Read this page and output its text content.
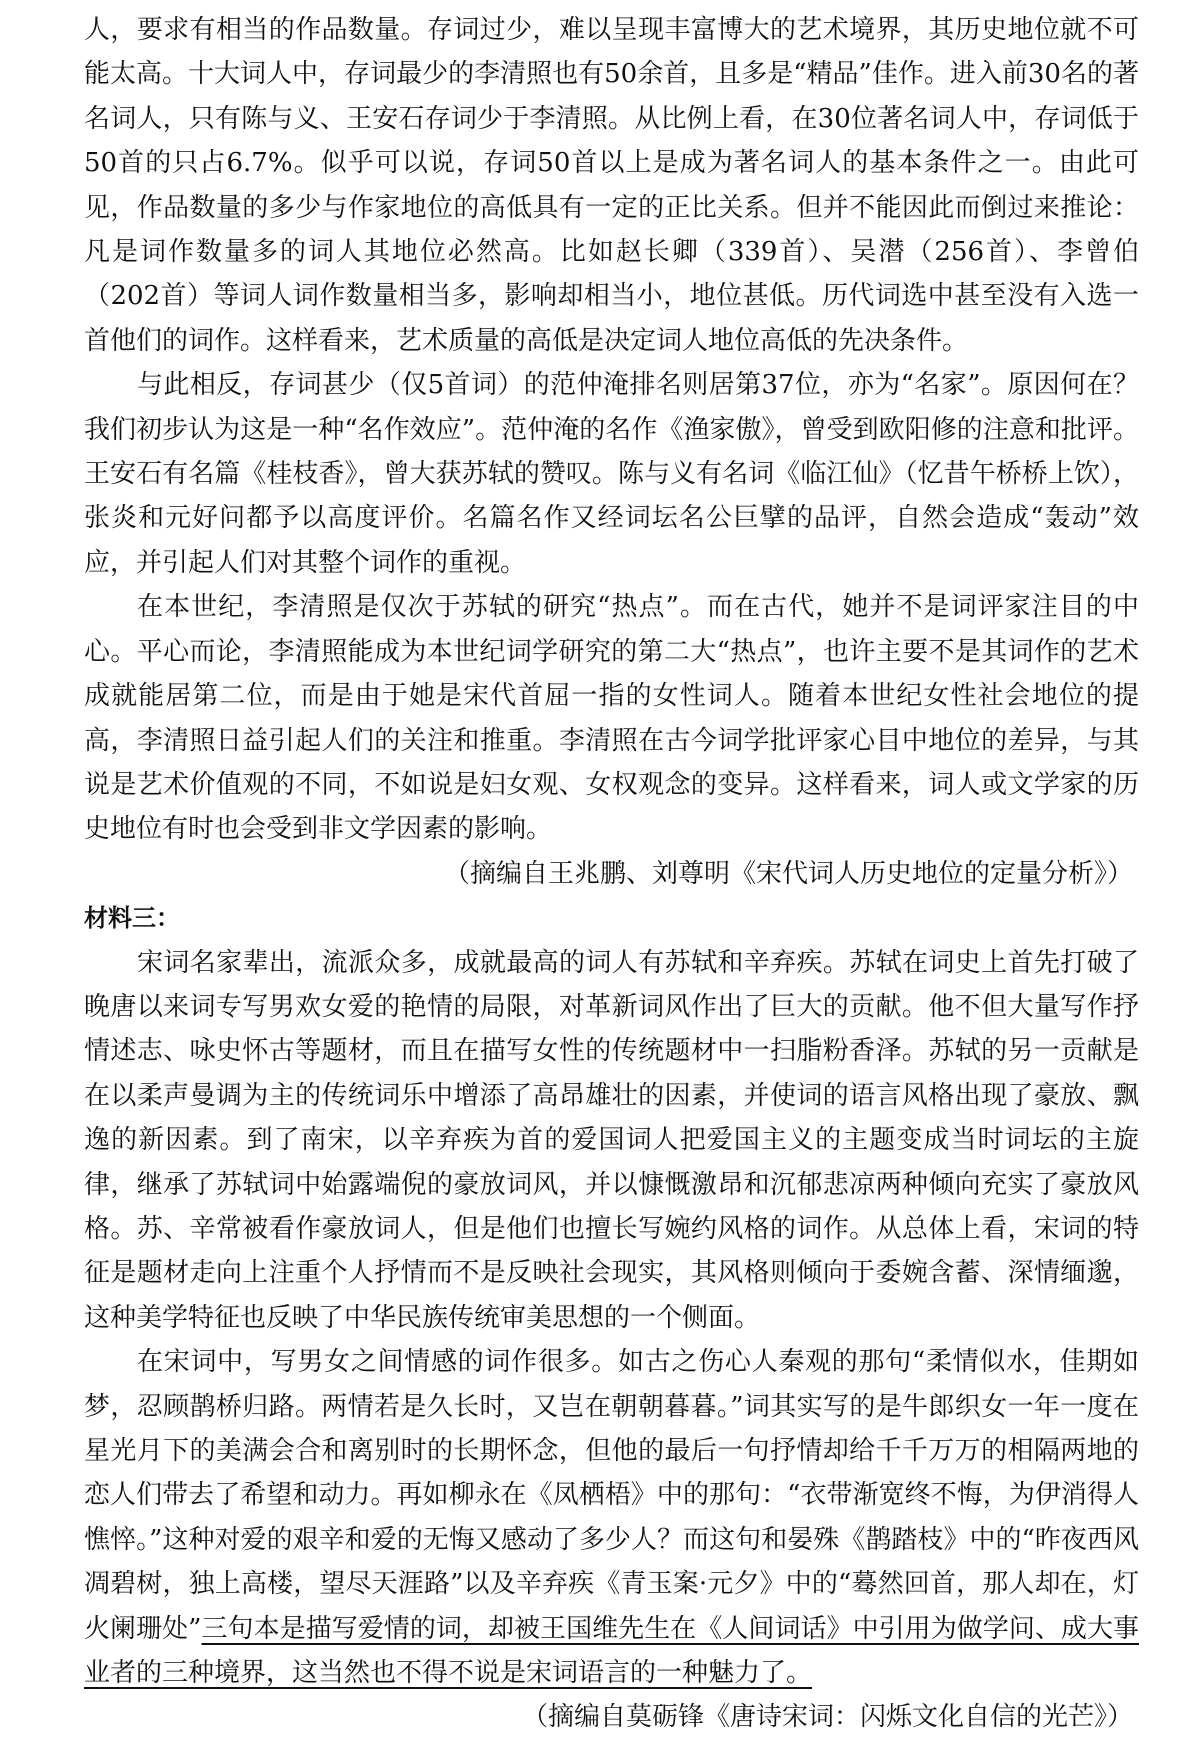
人，要求有相当的作品数量。存词过少，难以呈现丰富博大的艺术境界，其历史地位就不可能太高。十大词人中，存词最少的李清照也有50余首，且多是“精品”佳作。进入前30名的著名词人，只有陈与义、王安石存词少于李清照。从比例上看，在30位著名词人中，存词低于50首的只占6.7%。似乎可以说，存词50首以上是成为著名词人的基本条件之一。由此可见，作品数量的多少与作家地位的高低具有一定的正比关系。但并不能因此而倒过来推论：凡是词作数量多的词人其地位必然高。比如赵长卿（339首）、吴潜（256首）、李曾伯（202首）等词人词作数量相当多，影响却相当小，地位甚低。历代词选中甚至没有入选一首他们的词作。这样看来，艺术质量的高低是决定词人地位高低的先决条件。

与此相反，存词甚少（仅5首词）的范仲淹排名则居第37位，亦为“名家”。原因何在？我们初步认为这是一种“名作效应”。范仲淹的名作《渔家傲》，曾受到欧阳修的注意和批评。王安石有名篇《桂枝香》，曾大获苏轼的赞叹。陈与义有名词《临江仙》（忆昔午桥桥上饮），张炎和元好问都予以高度评价。名篇名作又经词坛名公巨擘的品评，自然会造成“轰动”效应，并引起人们对其整个词作的重视。

在本世纪，李清照是仅次于苏轼的研究“热点”。而在古代，她并不是词评家注目的中心。平心而论，李清照能成为本世纪词学研究的第二大“热点”，也许主要不是其词作的艺术成就能居第二位，而是由于她是宋代首屈一指的女性词人。随着本世纪女性社会地位的提高，李清照日益引起人们的关注和推重。李清照在古今词学批评家心目中地位的差异，与其说是艺术价值观的不同，不如说是妇女观、女权观念的变异。这样看来，词人或文学家的历史地位有时也会受到非文学因素的影响。

（摘编自王兆鹏、刘尊明《宋代词人历史地位的定量分析》）

材料三：

宋词名家辈出，流派众多，成就最高的词人有苏轼和辛弃疾。苏轼在词史上首先打破了晚唐以来词专写男欢女爱的艳情的局限，对革新词风作出了巨大的贡献。他不但大量写作抒情述志、咏史怀古等题材，而且在描写女性的传统题材中一扫脂粉香泽。苏轼的另一贡献是在以柔声曼调为主的传统词乐中增添了高昂雄壮的因素，并使词的语言风格出现了豪放、飘逸的新因素。到了南宋，以辛弃疾为首的爱国词人把爱国主义的主题变成当时词坛的主旋律，继承了苏轼词中始露端倪的豪放词风，并以慷慨激昂和沉郁悲凉两种倾向充实了豪放风格。苏、辛常被看作豪放词人，但是他们也擅长写婉约风格的词作。从总体上看，宋词的特征是题材走向上注重个人抒情而不是反映社会现实，其风格则倾向于委婉含蓄、深情缅邈，这种美学特征也反映了中华民族传统审美思想的一个侧面。

在宋词中，写男女之间情感的词作很多。如古之伤心人秦观的那句“柔情似水，佳期如梦，忍顾鹊桥归路。两情若是久长时，又岂在朝朝暮暮。”词其实写的是牛郎织女一年一度在星光月下的美满会合和离别时的长期怀念，但他的最后一句抒情却给千千万万的相隔两地的恋人们带去了希望和动力。再如柳永在《凤栖梧》中的那句：“衣带渐宽终不悔，为伊消得人憔悴。”这种对爱的艰辛和爱的无悔又感动了多少人？而这句和晏殊《鹊踏枝》中的“昨夜西风凋碧树，独上高楼，望尽天涯路”以及辛弃疾《青玉案·元夕》中的“蓦然回首，那人却在，灯火阑珊处”三句本是描写爱情的词，却被王国维先生在《人间词话》中引用为做学问、成大事业者的三种境界，这当然也不得不说是宋词语言的一种魅力了。

（摘编自莫砺锋《唐诗宋词：闪烁文化自信的光芒》）
